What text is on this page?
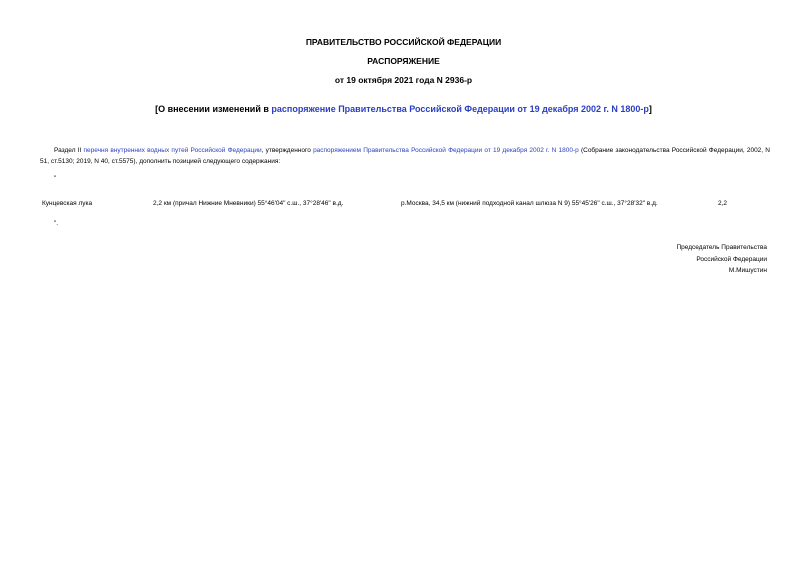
ПРАВИТЕЛЬСТВО РОССИЙСКОЙ ФЕДЕРАЦИИ
РАСПОРЯЖЕНИЕ
от 19 октября 2021 года N 2936-р
[О внесении изменений в распоряжение Правительства Российской Федерации от 19 декабря 2002 г. N 1800-р]
Раздел II перечня внутренних водных путей Российской Федерации, утвержденного распоряжением Правительства Российской Федерации от 19 декабря 2002 г. N 1800-р (Собрание законодательства Российской Федерации, 2002, N 51, ст.5130; 2019, N 40, ст.5575), дополнить позицией следующего содержания:
"
Кунцевская лука	2,2 км (причал Нижние Мневники) 55°46'04" с.ш., 37°28'46" в.д.	р.Москва, 34,5 км (нижний подходной канал шлюза N 9) 55°45'26" с.ш., 37°28'32" в.д.	2,2
".
Председатель Правительства
Российской Федерации
М.Мишустин
